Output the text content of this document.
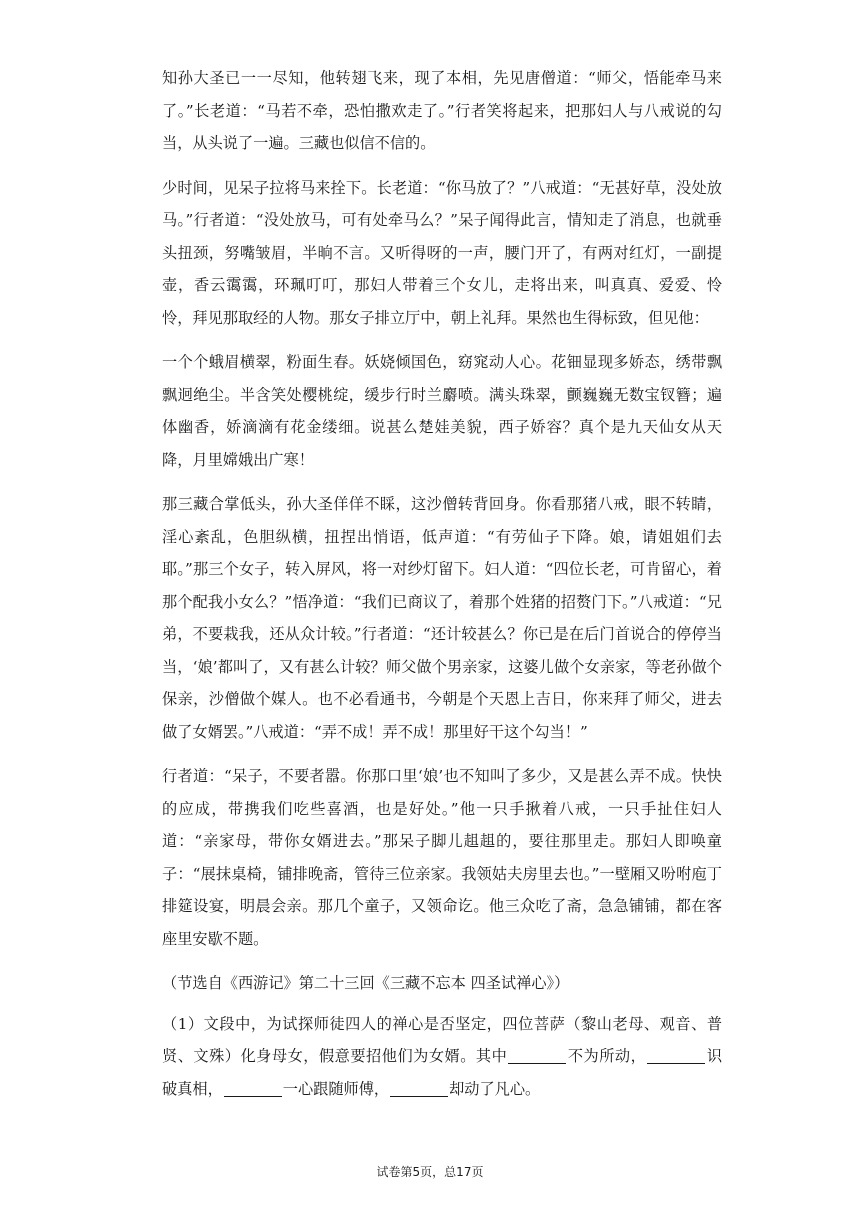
知孙大圣已一一尽知，他转翅飞来，现了本相，先见唐僧道：“师父，悟能牵马来了。”长老道：“马若不牵，恐怕撒欢走了。”行者笑将起来，把那妇人与八戒说的勾当，从头说了一遍。三藏也似信不信的。

少时间，见呆子拉将马来拴下。长老道：“你马放了？”八戒道：“无甚好草，没处放马。”行者道：“没处放马，可有处牵马么？”呆子闻得此言，情知走了消息，也就垂头扭颈，努嘴皱眉，半晌不言。又听得呀的一声，腰门开了，有两对红灯，一副提壶，香云霭霭，环珮叮叮，那妇人带着三个女儿，走将出来，叫真真、爱爱、怜怜，拜见那取经的人物。那女子排立厅中，朝上礼拜。果然也生得标致，但见他：

一个个蛾眉横翠，粉面生春。妖娆倾国色，窈窕动人心。花钿显现多娇态，绣带飘飘迥绝尘。半含笑处樱桃绽，缓步行时兰麝喷。满头珠翠，颤巍巍无数宝钗簪；遍体幽香，娇滴滴有花金缕细。说甚么楚娃美貌，西子娇容？真个是九天仙女从天降，月里嫦娥出广寒！

那三藏合掌低头，孙大圣佯佯不睬，这沙僧转背回身。你看那猪八戒，眼不转睛，淫心紊乱，色胆纵横，扭捏出悄语，低声道：“有劳仙子下降。娘，请姐姐们去耶。”那三个女子，转入屏风，将一对纱灯留下。妇人道：“四位长老，可肯留心，着那个配我小女么？”悟净道：“我们已商议了，着那个姓猪的招赘门下。”八戒道：“兄弟，不要栽我，还从众计较。”行者道：“还计较甚么？你已是在后门首说合的停停当当，‘娘’都叫了，又有甚么计较？师父做个男亲家，这婆儿做个女亲家，等老孙做个保亲，沙僧做个媒人。也不必看通书，今朝是个天恩上吉日，你来拜了师父，进去做了女婿罢。”八戒道：“弄不成！弄不成！那里好干这个勾当！”

行者道：“呆子，不要者嚣。你那口里‘娘’也不知叫了多少，又是甚么弄不成。快快的应成，带携我们吃些喜酒，也是好处。”他一只手揪着八戒，一只手扯住妇人道：“亲家母，带你女婿进去。”那呆子脚儿趄趄的，要往那里走。那妇人即唤童子：“展抹桌椅，铺排晚斋，管待三位亲家。我领姑夫房里去也。”一壁厢又吩咐庖丁排筵设宴，明晨会亲。那几个童子，又领命讫。他三众吃了斋，急急铺铺，都在客座里安歇不题。

（节选自《西游记》第二十三回《三藏不忘本 四圣试禅心》）

（1）文段中，为试探师徒四人的禅心是否坚定，四位菩萨（黎山老母、观音、普贤、文殊）化身母女，假意要招他们为女婿。其中	不为所动，	识破真相，	一心跟随师傅，	却动了凡心。

试卷第5页，总17页
